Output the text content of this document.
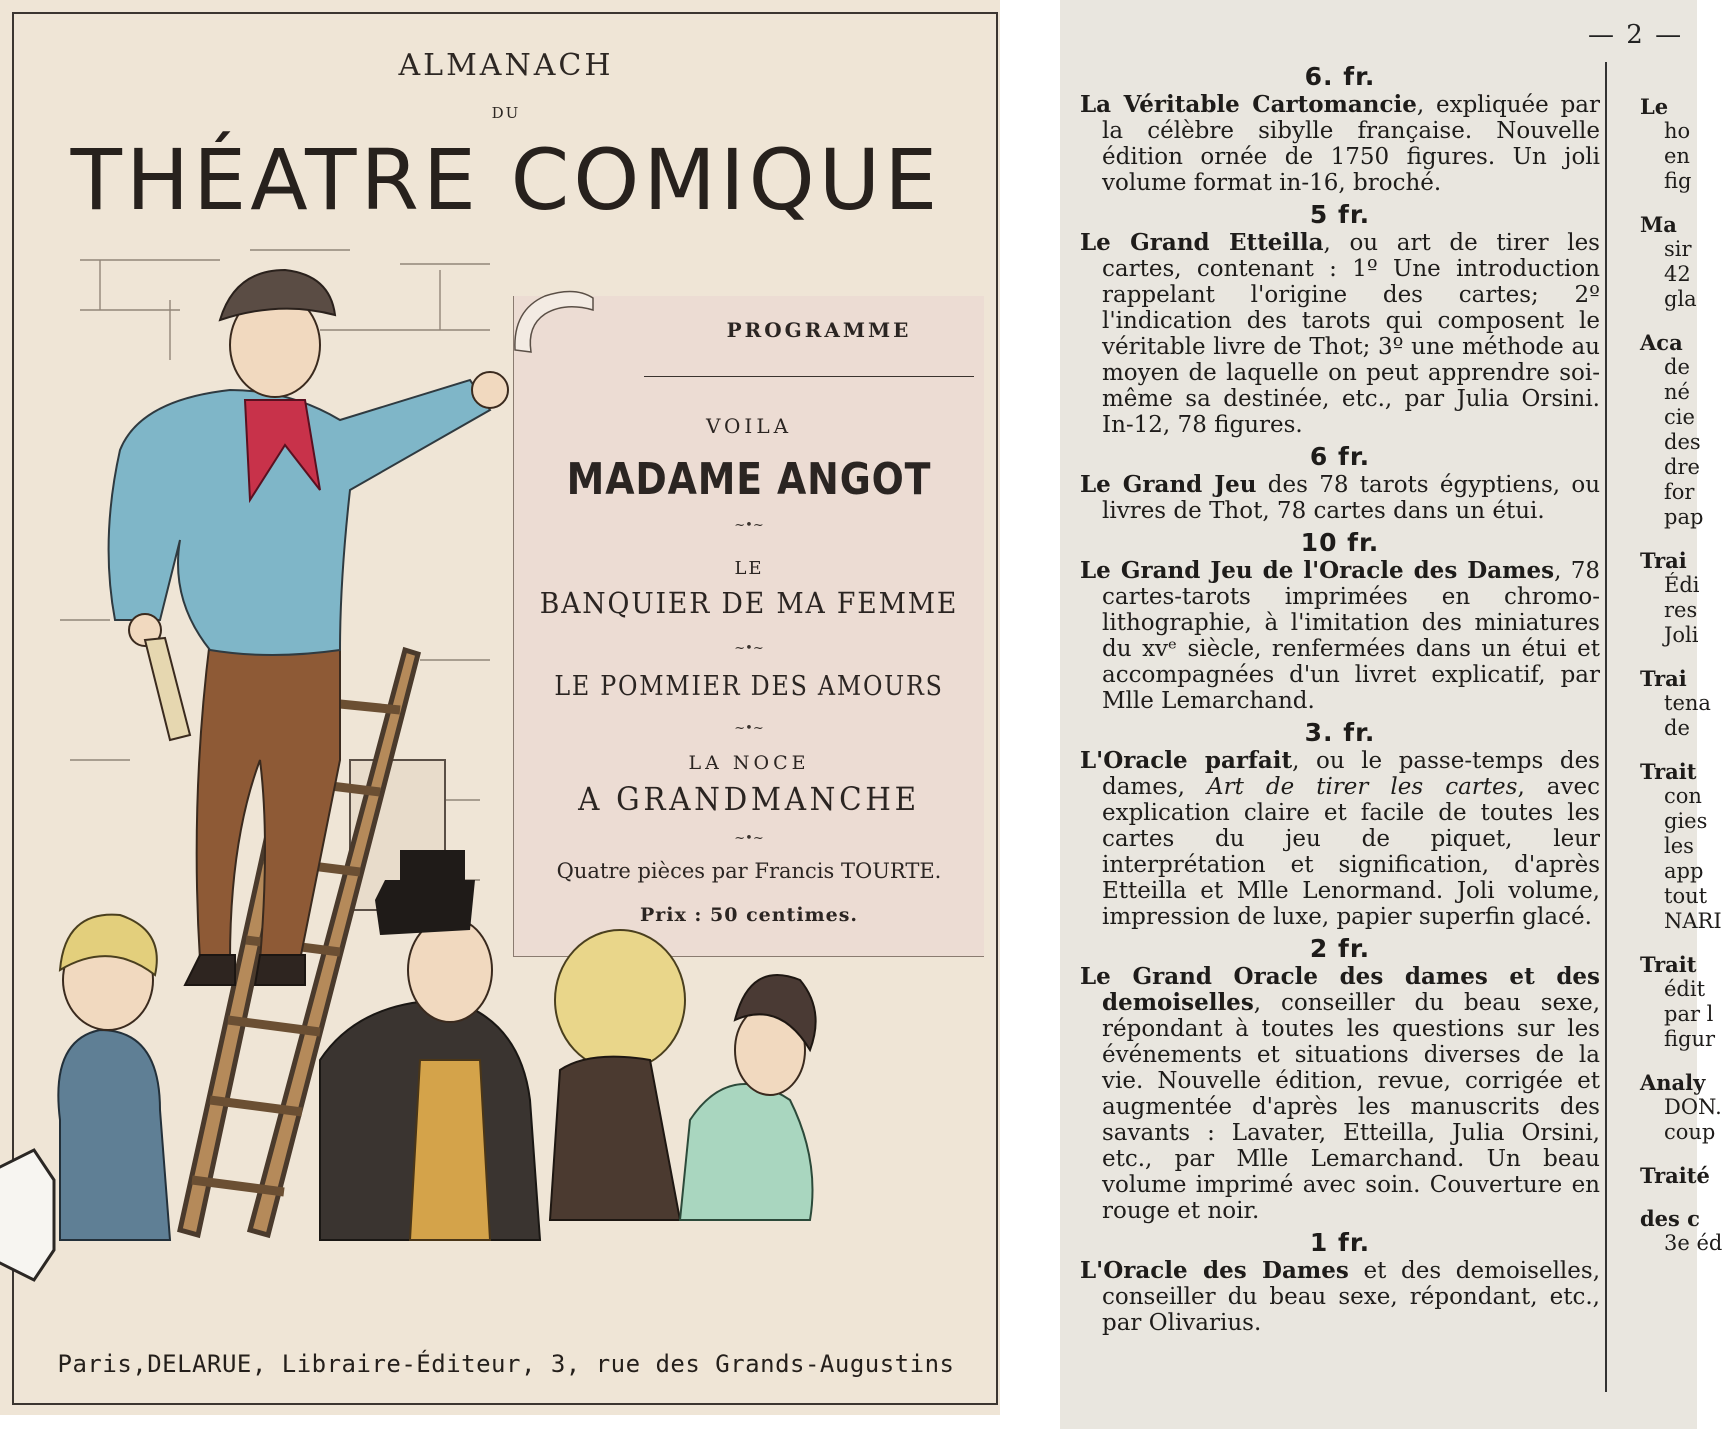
ALMANACH
DU
THÉATRE COMIQUE
PROGRAMME
VOILA
MADAME ANGOT
~•~
LE
BANQUIER DE MA FEMME
~•~
LE POMMIER DES AMOURS
~•~
LA NOCE
A GRANDMANCHE
~•~
Quatre pièces par Francis TOURTE.
Prix : 50 centimes.
Paris,DELARUE, Libraire-Éditeur, 3, rue des Grands-Augustins
— 2 —
6. fr.

La Véritable Cartomancie, expliquée par la célèbre sibylle française. Nouvelle édition ornée de 1750 figures. Un joli volume format in-16, broché.

5 fr.

Le Grand Etteilla, ou art de tirer les cartes, contenant : 1º Une introduction rappelant l'origine des cartes; 2º l'indication des tarots qui composent le véritable livre de Thot; 3º une méthode au moyen de laquelle on peut apprendre soi-même sa destinée, etc., par Julia Orsini. In-12, 78 figures.

6 fr.

Le Grand Jeu des 78 tarots égyptiens, ou livres de Thot, 78 cartes dans un étui.

10 fr.

Le Grand Jeu de l'Oracle des Dames, 78 cartes-tarots imprimées en chromo-lithographie, à l'imitation des miniatures du xvᵉ siècle, renfermées dans un étui et accompagnées d'un livret explicatif, par Mlle Lemarchand.

3. fr.

L'Oracle parfait, ou le passe-temps des dames, Art de tirer les cartes, avec explication claire et facile de toutes les cartes du jeu de piquet, leur interprétation et signification, d'après Etteilla et Mlle Lenormand. Joli volume, impression de luxe, papier superfin glacé.

2 fr.

Le Grand Oracle des dames et des demoiselles, conseiller du beau sexe, répondant à toutes les questions sur les événements et situations diverses de la vie. Nouvelle édition, revue, corrigée et augmentée d'après les manuscrits des savants : Lavater, Etteilla, Julia Orsini, etc., par Mlle Lemarchand. Un beau volume imprimé avec soin. Couverture en rouge et noir.

1 fr.

L'Oracle des Dames et des demoiselles, conseiller du beau sexe, répondant, etc., par Olivarius.

Le
ho
en
fig
Ma
sir
42
gla
Aca
de
né
cie
des
dre
for
pap
Trai
Édi
res
Joli
Trai
tena
de
Trait
con
gies
les
app
tout
NARI
Trait
édit
par l
figur
Analy
DON.
coup
Traité
des c
3e éd
